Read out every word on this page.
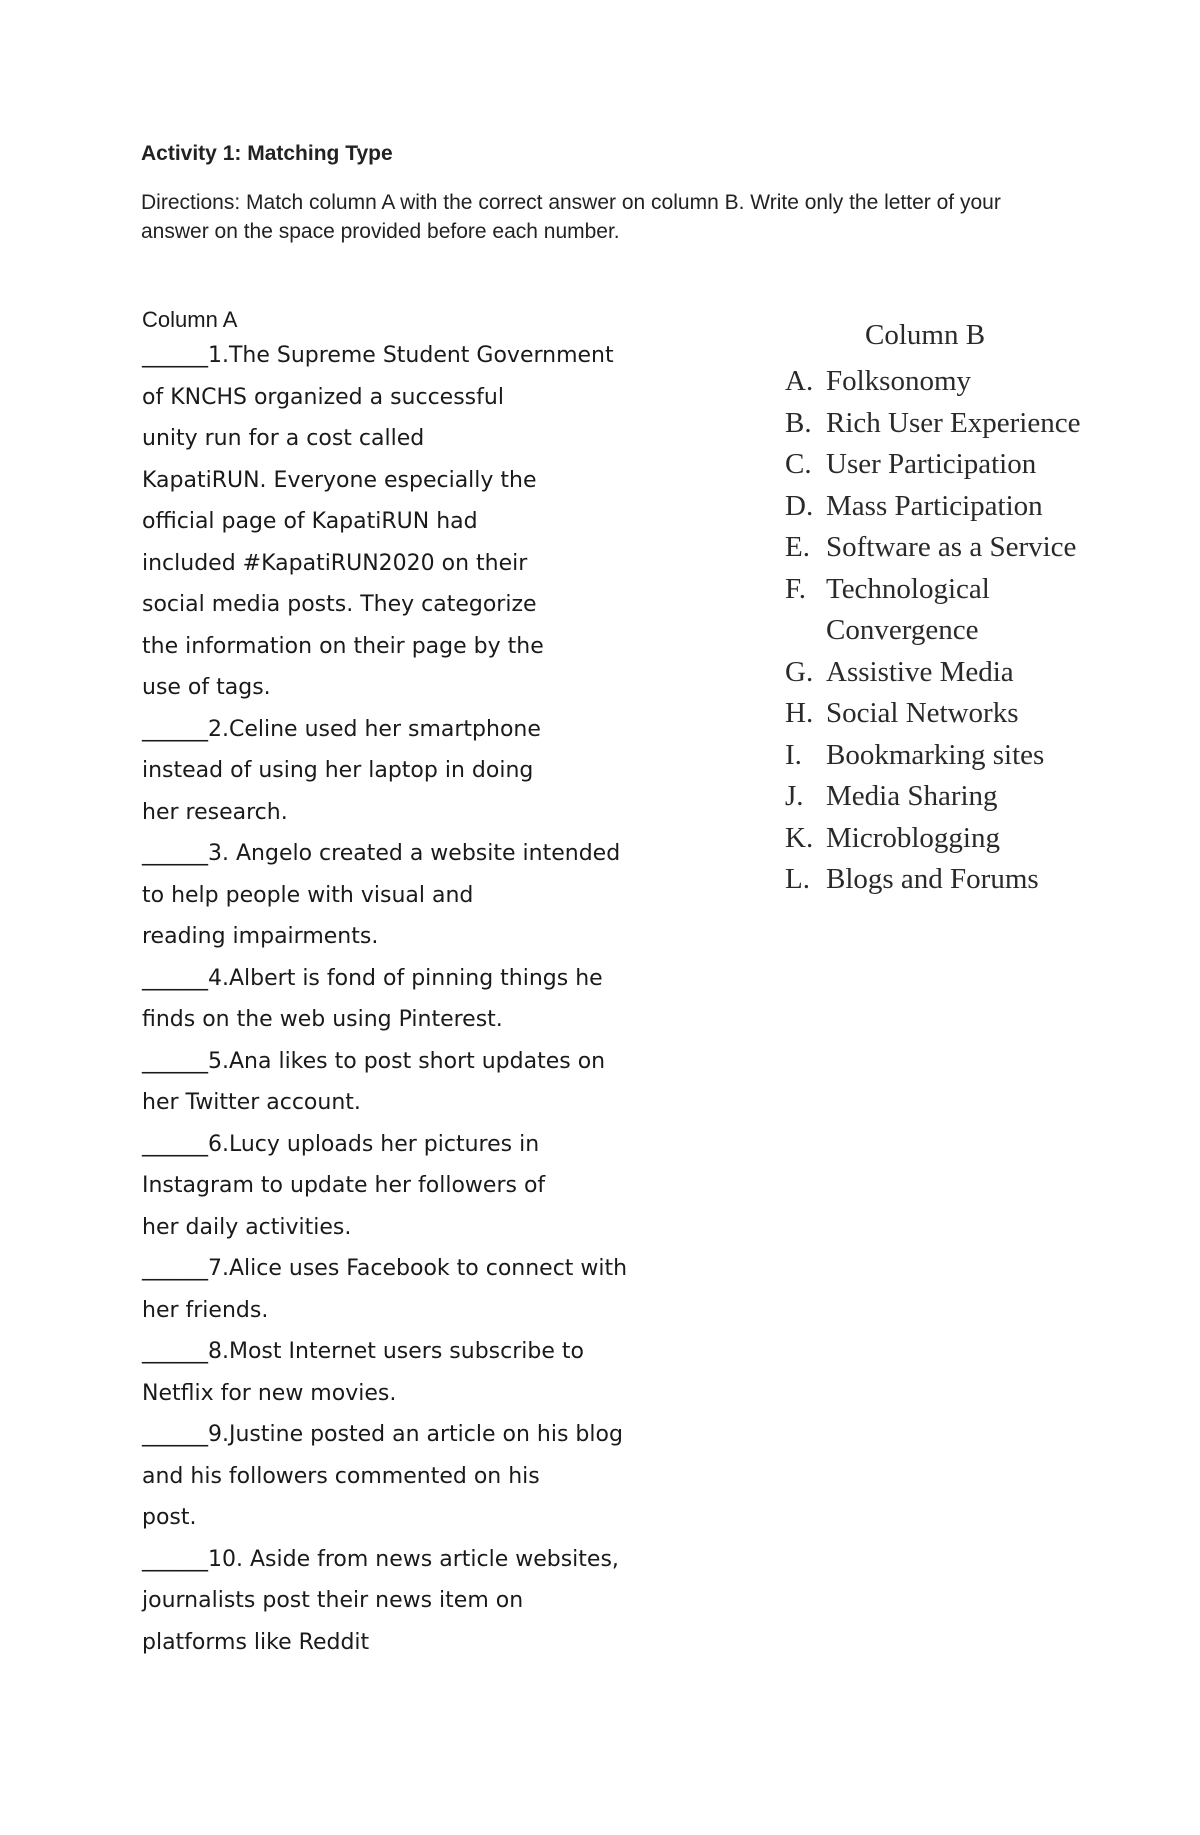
Activity 1: Matching Type

Directions: Match column A with the correct answer on column B. Write only the letter of your answer on the space provided before each number.

Column A
______1.The Supreme Student Government
of KNCHS organized a successful
unity run for a cost called
KapatiRUN. Everyone especially the
official page of KapatiRUN had
included #KapatiRUN2020 on their
social media posts. They categorize
the information on their page by the
use of tags.
______2.Celine used her smartphone
instead of using her laptop in doing
her research.
______3. Angelo created a website intended
to help people with visual and
reading impairments.
______4.Albert is fond of pinning things he
finds on the web using Pinterest.
______5.Ana likes to post short updates on
her Twitter account.
______6.Lucy uploads her pictures in
Instagram to update her followers of
her daily activities.
______7.Alice uses Facebook to connect with
her friends.
______8.Most Internet users subscribe to
Netflix for new movies.
______9.Justine posted an article on his blog
and his followers commented on his
post.
______10. Aside from news article websites,
journalists post their news item on
platforms like Reddit
Column B
A. Folksonomy
B. Rich User Experience
C. User Participation
D. Mass Participation
E. Software as a Service
F. Technological
Convergence
G. Assistive Media
H. Social Networks
I. Bookmarking sites
J. Media Sharing
K. Microblogging
L. Blogs and Forums
